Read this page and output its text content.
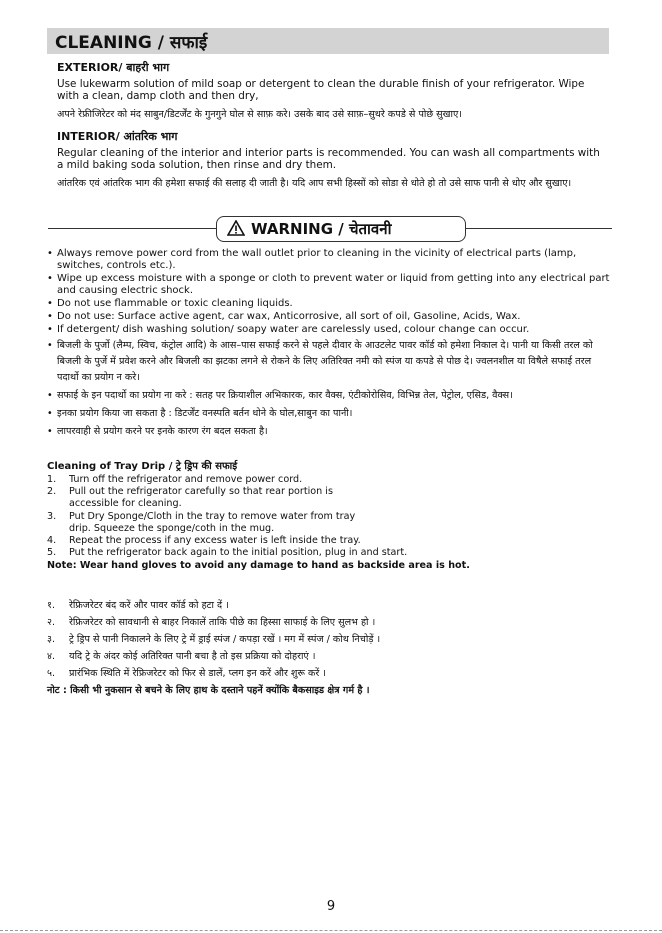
CLEANING / सफाई
EXTERIOR/ बाहरी भाग
Use lukewarm solution of mild soap or detergent to clean the durable finish of your refrigerator. Wipe with a clean, damp cloth and then dry,
अपने रेफ्रीजिरेटर को मंद साबुन/डिटर्जेंट के गुनगुने घोल से साफ़ करे। उसके बाद उसे साफ़–सुथरे कपडे से पोछे सुखाए।
INTERIOR/ आंतरिक भाग
Regular cleaning of the interior and interior parts is recommended. You can wash all compartments with a mild baking soda solution, then rinse and dry them.
आंतरिक एवं आंतरिक भाग की हमेशा सफाई की सलाह दी जाती है। यदि आप सभी हिस्सों को सोडा से धोते हो तो उसे साफ पानी से धोए और सुखाए।
WARNING / चेतावनी
• Always remove power cord from the wall outlet prior to cleaning in the vicinity of electrical parts (lamp, switches, controls etc.).
• Wipe up excess moisture with a sponge or cloth to prevent water or liquid from getting into any electrical part and causing electric shock.
• Do not use flammable or toxic cleaning liquids.
• Do not use: Surface active agent, car wax, Anticorrosive, all sort of oil, Gasoline, Acids, Wax.
• If detergent/ dish washing solution/ soapy water are carelessly used, colour change can occur.
• बिजली के पुर्जो (लैम्प, स्विच, कंट्रोल आदि) के आस–पास सफाई करने से पहले दीवार के आउटलेट पावर कॉर्ड को हमेशा निकाल दे। पानी या किसी तरल को बिजली के पुर्जे में प्रवेश करने और बिजली का झटका लगने से रोकने के लिए अतिरिक्त नमी को स्पंज या कपडे से पोछ दे। ज्वलनशील या विषैले सफाई तरल पदार्थो का प्रयोग न करे।
• सफाई के इन पदार्थो का प्रयोग ना करे : सतह पर क्रियाशील अभिकारक, कार वैक्स, एंटीकोरोसिव, विभिन्न तेल, पेट्रोल, एसिड, वैक्स।
• इनका प्रयोग किया जा सकता है : डिटर्जेंट वनस्पति बर्तन धोने के घोल,साबुन का पानी।
• लापरवाही से प्रयोग करने पर इनके कारण रंग बदल सकता है।
Cleaning of Tray Drip / ट्रे ड्रिप की सफाई
1.	Turn off the refrigerator and remove power cord.
2.	Pull out the refrigerator carefully so that rear portion is accessible for cleaning.
3.	Put Dry Sponge/Cloth in the tray to remove water from tray drip. Squeeze the sponge/coth in the mug.
4.	Repeat the process if any excess water is left inside the tray.
5.	Put the refrigerator back again to the initial position, plug in and start.
Note: Wear hand gloves to avoid any damage to hand as backside area is hot.
१.	रेफ्रिजरेटर बंद करें और पावर कॉर्ड को हटा दें ।
२.	रेफ्रिजरेटर को सावधानी से बाहर निकालें ताकि पीछे का हिस्सा साफाई के लिए सुलभ हो ।
३.	ट्रे ड्रिप से पानी निकालने के लिए ट्रे में ड्राई स्पंज / कपड़ा रखें । मग में स्पंज / कोथ निचोड़ें ।
४.	यदि ट्रे के अंदर कोई अतिरिक्त पानी बचा है तो इस प्रक्रिया को दोहराएं ।
५.	प्रारंभिक स्थिति में रेफ्रिजरेटर को फिर से डालें, प्लग इन करें और शुरू करें ।
नोट : किसी भी नुकसान से बचने के लिए हाथ के दस्ताने पहनें क्योंकि बैकसाइड क्षेत्र गर्म है ।
9
